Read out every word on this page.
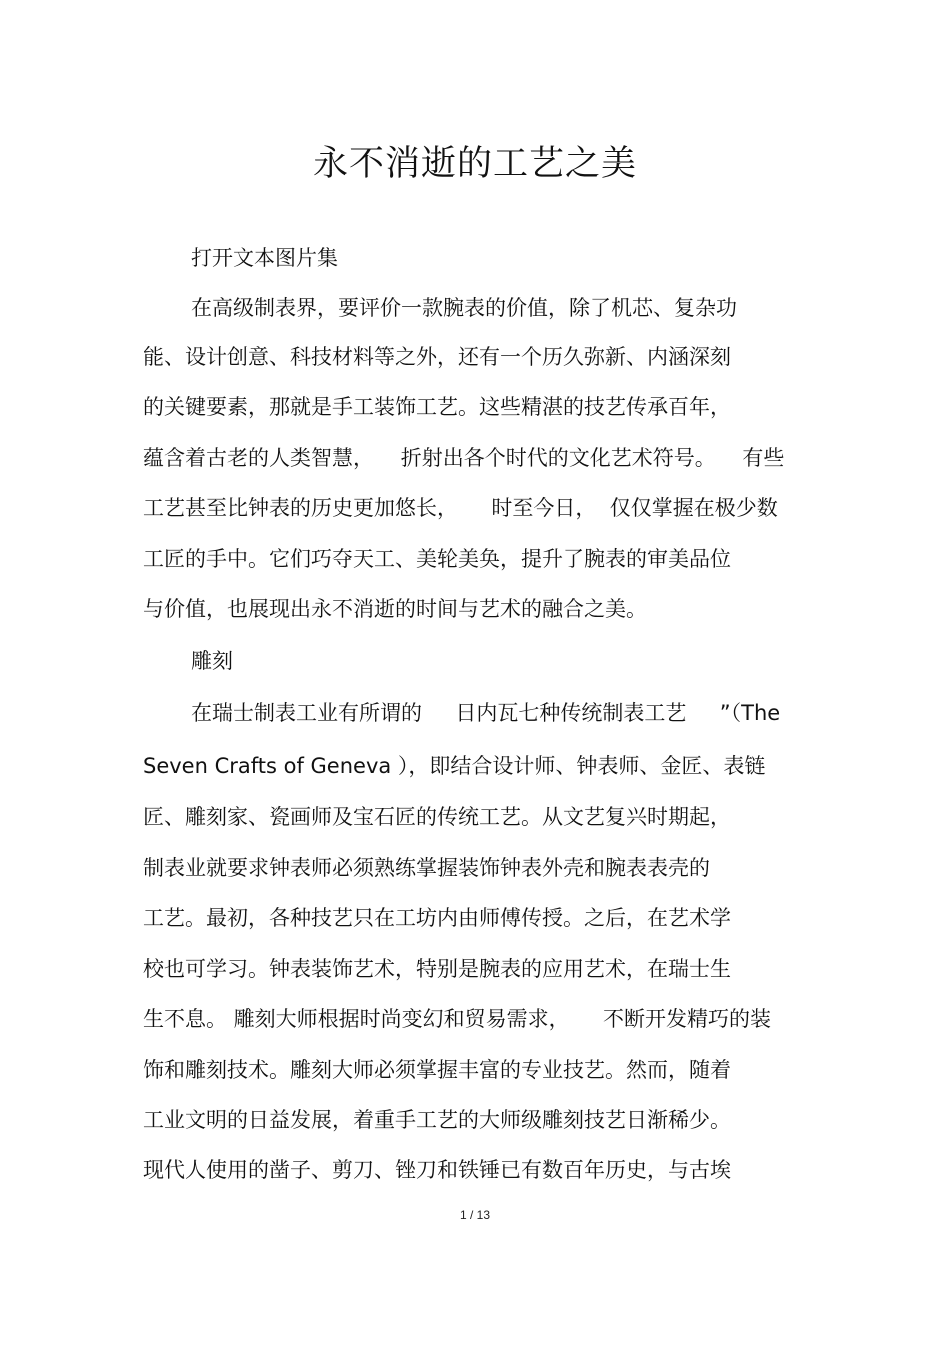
永不消逝的工艺之美
打开文本图片集
在高级制表界，要评价一款腕表的价值，除了机芯、复杂功
能、设计创意、科技材料等之外，还有一个历久弥新、内涵深刻
的关键要素，那就是手工装饰工艺。这些精湛的技艺传承百年，
蕴含着古老的人类智慧，    折射出各个时代的文化艺术符号。    有些
工艺甚至比钟表的历史更加悠长，     时至今日，  仅仅掌握在极少数
工匠的手中。它们巧夺天工、美轮美奂，提升了腕表的审美品位
与价值，也展现出永不消逝的时间与艺术的融合之美。
雕刻
在瑞士制表工业有所谓的     日内瓦七种传统制表工艺     ”（The
Seven Crafts of Geneva ），即结合设计师、钟表师、金匠、表链
匠、雕刻家、瓷画师及宝石匠的传统工艺。从文艺复兴时期起，
制表业就要求钟表师必须熟练掌握装饰钟表外壳和腕表表壳的
工艺。最初，各种技艺只在工坊内由师傅传授。之后，在艺术学
校也可学习。钟表装饰艺术，特别是腕表的应用艺术，在瑞士生
生不息。 雕刻大师根据时尚变幻和贸易需求，     不断开发精巧的装
饰和雕刻技术。雕刻大师必须掌握丰富的专业技艺。然而，随着
工业文明的日益发展，着重手工艺的大师级雕刻技艺日渐稀少。
现代人使用的凿子、剪刀、锉刀和铁锤已有数百年历史，与古埃
1 / 13
